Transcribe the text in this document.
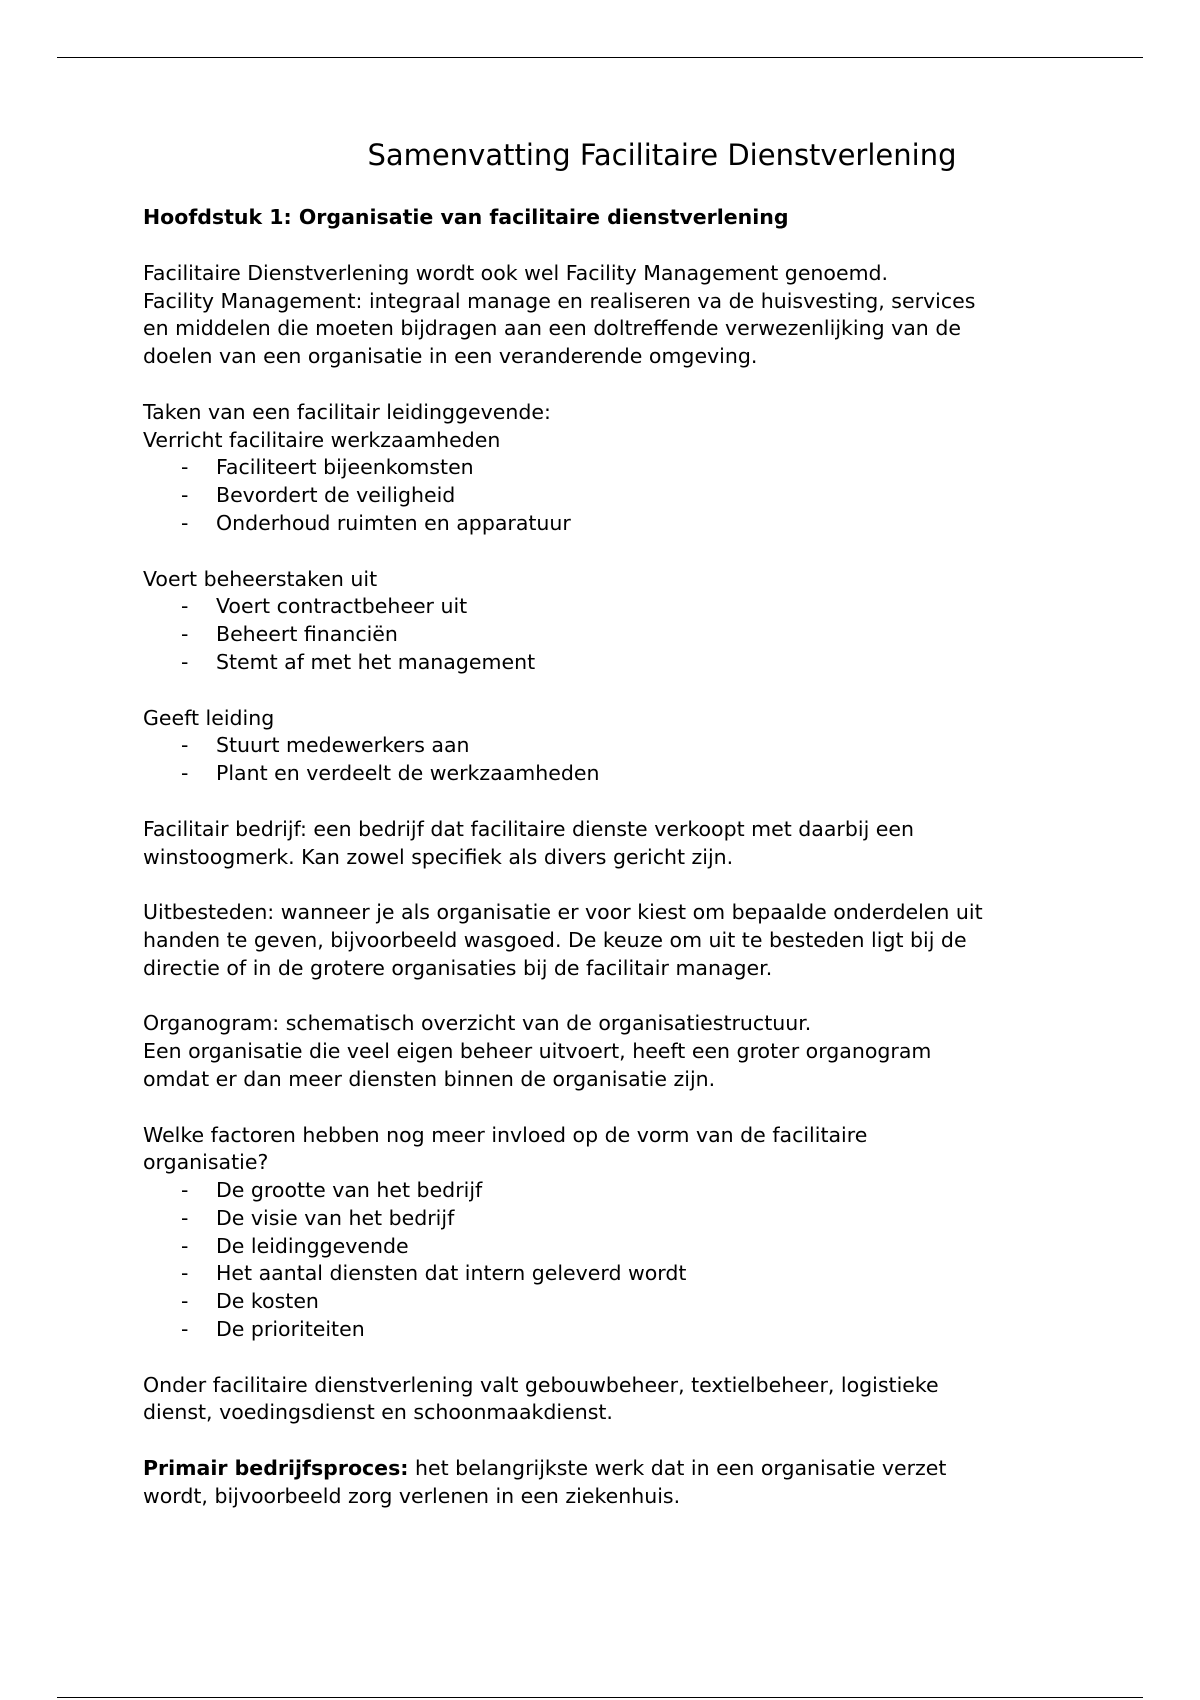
Samenvatting Facilitaire Dienstverlening

Hoofdstuk 1: Organisatie van facilitaire dienstverlening

Facilitaire Dienstverlening wordt ook wel Facility Management genoemd.

Facility Management: integraal manage en realiseren va de huisvesting, services

en middelen die moeten bijdragen aan een doltreffende verwezenlijking van de

doelen van een organisatie in een veranderende omgeving.

Taken van een facilitair leidinggevende:

Verricht facilitaire werkzaamheden

- Faciliteert bijeenkomsten
- Bevordert de veiligheid
- Onderhoud ruimten en apparatuur

Voert beheerstaken uit

- Voert contractbeheer uit
- Beheert financiën
- Stemt af met het management

Geeft leiding

- Stuurt medewerkers aan
- Plant en verdeelt de werkzaamheden

Facilitair bedrijf: een bedrijf dat facilitaire dienste verkoopt met daarbij een

winstoogmerk. Kan zowel specifiek als divers gericht zijn.

Uitbesteden: wanneer je als organisatie er voor kiest om bepaalde onderdelen uit

handen te geven, bijvoorbeeld wasgoed. De keuze om uit te besteden ligt bij de

directie of in de grotere organisaties bij de facilitair manager.

Organogram: schematisch overzicht van de organisatiestructuur.

Een organisatie die veel eigen beheer uitvoert, heeft een groter organogram

omdat er dan meer diensten binnen de organisatie zijn.

Welke factoren hebben nog meer invloed op de vorm van de facilitaire

organisatie?

- De grootte van het bedrijf
- De visie van het bedrijf
- De leidinggevende
- Het aantal diensten dat intern geleverd wordt
- De kosten
- De prioriteiten

Onder facilitaire dienstverlening valt gebouwbeheer, textielbeheer, logistieke

dienst, voedingsdienst en schoonmaakdienst.

Primair bedrijfsproces: het belangrijkste werk dat in een organisatie verzet

wordt, bijvoorbeeld zorg verlenen in een ziekenhuis.
